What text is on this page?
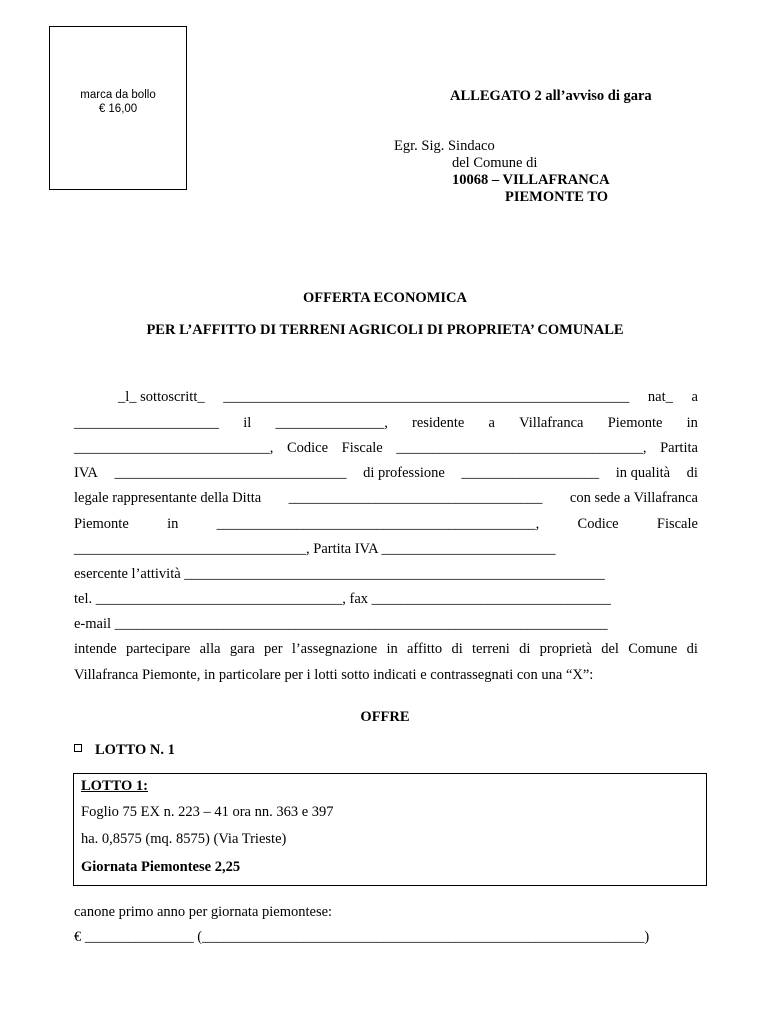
marca da bollo
€ 16,00
ALLEGATO 2 all’avviso di gara
Egr. Sig. Sindaco
del Comune di
10068 – VILLAFRANCA
PIEMONTE TO
OFFERTA ECONOMICA
PER L’AFFITTO DI TERRENI AGRICOLI DI PROPRIETA’ COMUNALE
_l_ sottoscritt_ ________________________________________________________ nat_ a
____________________ il _______________, residente a Villafranca Piemonte in
___________________________, Codice Fiscale __________________________________, Partita
IVA ________________________________ di professione ___________________ in qualità di
legale rappresentante della Ditta ___________________________________ con sede a Villafranca
Piemonte	in	____________________________________________,	Codice	Fiscale
________________________________, Partita IVA ________________________
esercente l’attività __________________________________________________________
tel. __________________________________, fax _________________________________
e-mail ____________________________________________________________________
intende partecipare alla gara per l’assegnazione in affitto di terreni di proprietà del Comune di
Villafranca Piemonte, in particolare per i lotti sotto indicati e contrassegnati con una “X”:
OFFRE
LOTTO N. 1
LOTTO 1:
Foglio 75 EX n. 223 – 41 ora nn. 363 e 397
ha. 0,8575 (mq. 8575) (Via Trieste)
Giornata Piemontese 2,25
canone primo anno per giornata piemontese:
€ _______________ (_____________________________________________________________)
